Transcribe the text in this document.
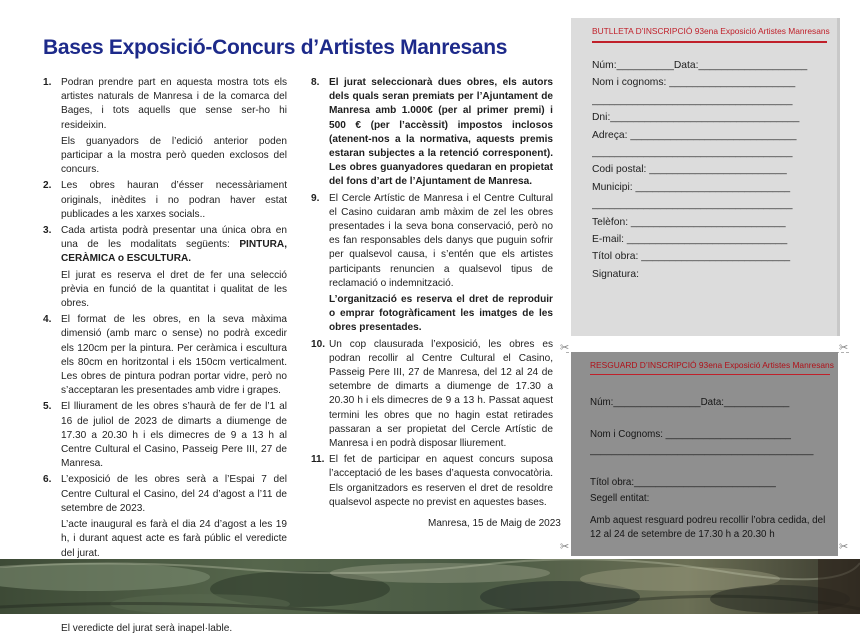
Bases Exposició-Concurs d’Artistes Manresans
1. Podran prendre part en aquesta mostra tots els artistes naturals de Manresa i de la comarca del Bages, i tots aquells que sense ser-ho hi resideixin.

Els guanyadors de l’edició anterior poden participar a la mostra però queden exclosos del concurs.

2. Les obres hauran d’ésser necessàriament originals, inèdites i no podran haver estat publicades a les xarxes socials..

3. Cada artista podrà presentar una única obra en una de les modalitats següents: PINTURA, CERÀMICA o ESCULTURA.

El jurat es reserva el dret de fer una selecció prèvia en funció de la quantitat i qualitat de les obres.

4. El format de les obres, en la seva màxima dimensió (amb marc o sense) no podrà excedir els 120cm per la pintura. Per ceràmica i escultura els 80cm en horitzontal i els 150cm verticalment. Les obres de pintura podran portar vidre, però no s’acceptaran les presentades amb vidre i grapes.

5. El lliurament de les obres s’haurà de fer de l’1 al 16 de juliol de 2023 de dimarts a diumenge de 17.30 a 20.30 h i els dimecres de 9 a 13 h al Centre Cultural el Casino, Passeig Pere III, 27 de Manresa.

6. L’exposició de les obres serà a l’Espai 7 del Centre Cultural el Casino, del 24 d’agost a l’11 de setembre de 2023.

L’acte inaugural es farà el dia 24 d’agost a les 19 h, i durant aquest acte es farà públic el veredicte del jurat.

El veredicte del jurat serà inapel·lable.

8. El jurat seleccionarà dues obres, els autors dels quals seran premiats per l’Ajuntament de Manresa amb 1.000€ (per al primer premi) i 500 € (per l’accèssit) impostos inclosos (atenent-nos a la normativa, aquests premis estaran subjectes a la retenció corresponent). Les obres guanyadores quedaran en propietat del fons d’art de l’Ajuntament de Manresa.

9. El Cercle Artístic de Manresa i el Centre Cultural el Casino cuidaran amb màxim de zel les obres presentades i la seva bona conservació, però no es fan responsables dels danys que puguin sofrir per qualsevol causa, i s’entén que els artistes participants renuncien a qualsevol tipus de reclamació o indemnització.

L’organització es reserva el dret de reproduir o emprar fotogràficament les imatges de les obres presentades.

10. Un cop clausurada l’exposició, les obres es podran recollir al Centre Cultural el Casino, Passeig Pere III, 27 de Manresa, del 12 al 24 de setembre de dimarts a diumenge de 17.30 a 20.30 h i els dimecres de 9 a 13 h. Passat aquest termini les obres que no hagin estat retirades passaran a ser propietat del Cercle Artístic de Manresa i en podrà disposar lliurement.

11. El fet de participar en aquest concurs suposa l’acceptació de les bases d’aquesta convocatòria. Els organitzadors es reserven el dret de resoldre qualsevol aspecte no previst en aquestes bases.

Manresa, 15 de Maig de 2023
BUTLLETA D’INSCRIPCIÓ 93ena Exposició Artistes Manresans
Núm:__________Data:___________________
Nom i cognoms: ______________________
___________________________________
Dni:_________________________________
Adreça: _____________________________
___________________________________
Codi postal: ________________________
Municipi: ___________________________
___________________________________
Telèfon: ___________________________
E-mail: ____________________________
Títol obra: __________________________
Signatura:
✂	✂
RESGUARD D’INSCRIPCIÓ 93ena Exposició Artistes Manresans
Núm:________________Data:____________
Nom i Cognoms: _______________________
_________________________________________
Títol obra:__________________________
Segell entitat:
Amb aquest resguard podreu recollir l’obra cedida, del 12 al 24 de setembre de 17.30 h a 20.30 h
✂	✂
